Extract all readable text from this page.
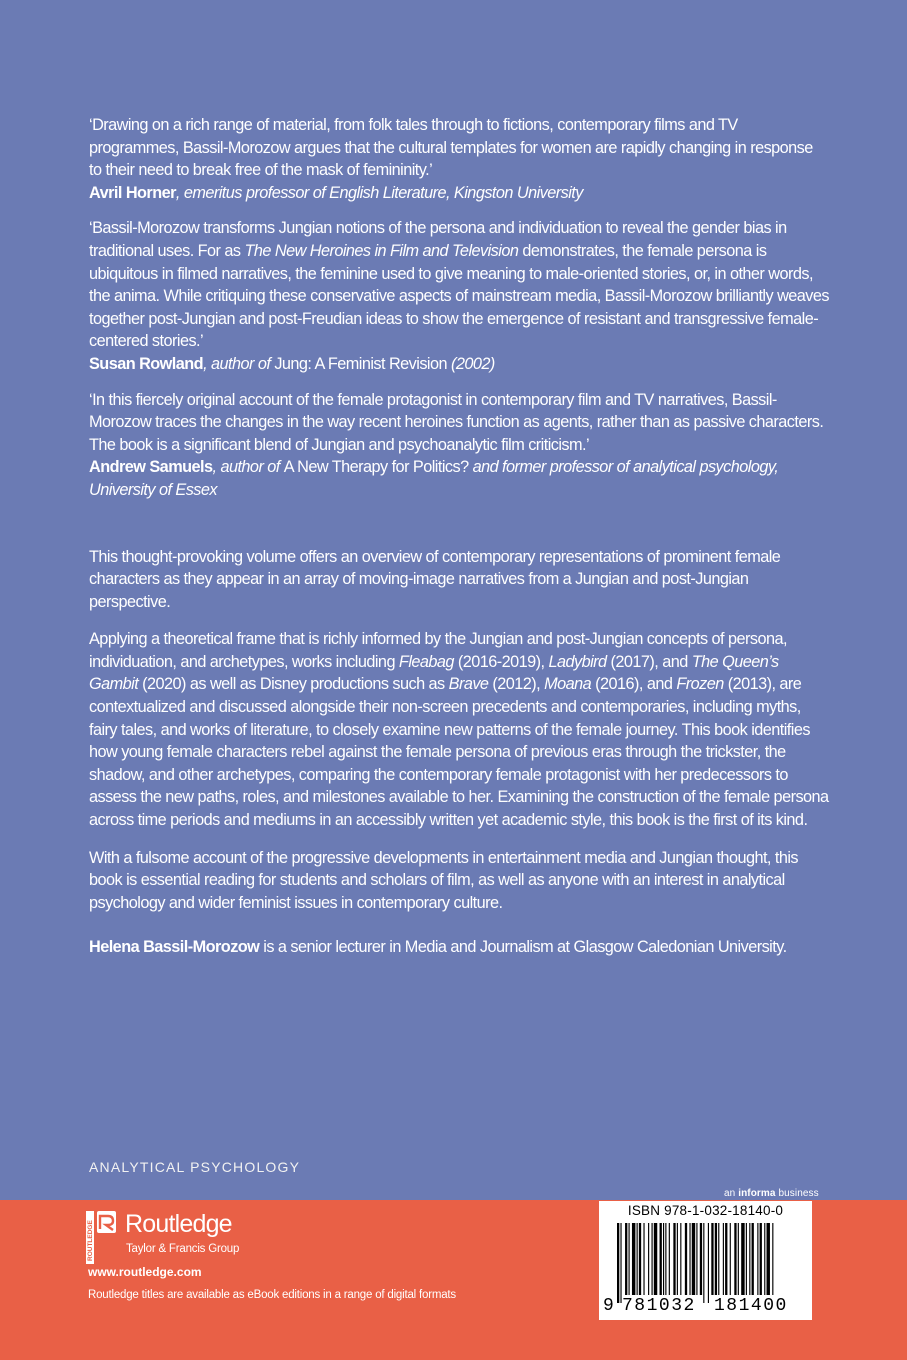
‘Drawing on a rich range of material, from folk tales through to fictions, contemporary films and TV programmes, Bassil-Morozow argues that the cultural templates for women are rapidly changing in response to their need to break free of the mask of femininity.’
Avril Horner, emeritus professor of English Literature, Kingston University

‘Bassil-Morozow transforms Jungian notions of the persona and individuation to reveal the gender bias in traditional uses. For as The New Heroines in Film and Television demonstrates, the female persona is ubiquitous in filmed narratives, the feminine used to give meaning to male-oriented stories, or, in other words, the anima. While critiquing these conservative aspects of mainstream media, Bassil-Morozow brilliantly weaves together post-Jungian and post-Freudian ideas to show the emergence of resistant and transgressive female-centered stories.’
Susan Rowland, author of Jung: A Feminist Revision (2002)

‘In this fiercely original account of the female protagonist in contemporary film and TV narratives, Bassil-Morozow traces the changes in the way recent heroines function as agents, rather than as passive characters. The book is a significant blend of Jungian and psychoanalytic film criticism.’
Andrew Samuels, author of A New Therapy for Politics? and former professor of analytical psychology, University of Essex

This thought-provoking volume offers an overview of contemporary representations of prominent female characters as they appear in an array of moving-image narratives from a Jungian and post-Jungian perspective.

Applying a theoretical frame that is richly informed by the Jungian and post-Jungian concepts of persona, individuation, and archetypes, works including Fleabag (2016-2019), Ladybird (2017), and The Queen’s Gambit (2020) as well as Disney productions such as Brave (2012), Moana (2016), and Frozen (2013), are contextualized and discussed alongside their non-screen precedents and contemporaries, including myths, fairy tales, and works of literature, to closely examine new patterns of the female journey. This book identifies how young female characters rebel against the female persona of previous eras through the trickster, the shadow, and other archetypes, comparing the contemporary female protagonist with her predecessors to assess the new paths, roles, and milestones available to her. Examining the construction of the female persona across time periods and mediums in an accessibly written yet academic style, this book is the first of its kind.

With a fulsome account of the progressive developments in entertainment media and Jungian thought, this book is essential reading for students and scholars of film, as well as anyone with an interest in analytical psychology and wider feminist issues in contemporary culture.

Helena Bassil-Morozow is a senior lecturer in Media and Journalism at Glasgow Caledonian University.

ANALYTICAL PSYCHOLOGY
an informa business
ROUTLEDGE Routledge
Taylor & Francis Group
www.routledge.com
Routledge titles are available as eBook editions in a range of digital formats
ISBN 978-1-032-18140-0
9 781032 181400
